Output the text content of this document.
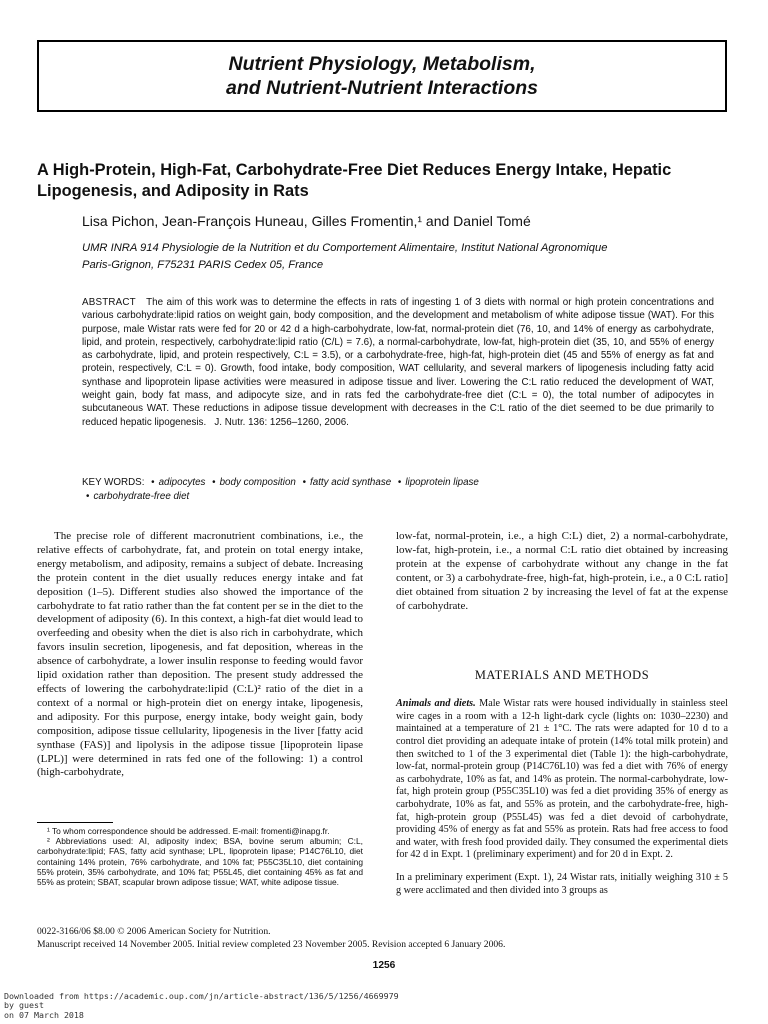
Nutrient Physiology, Metabolism,
and Nutrient-Nutrient Interactions
A High-Protein, High-Fat, Carbohydrate-Free Diet Reduces Energy Intake, Hepatic Lipogenesis, and Adiposity in Rats
Lisa Pichon, Jean-François Huneau, Gilles Fromentin,¹ and Daniel Tomé
UMR INRA 914 Physiologie de la Nutrition et du Comportement Alimentaire, Institut National Agronomique
Paris-Grignon, F75231 PARIS Cedex 05, France
ABSTRACT The aim of this work was to determine the effects in rats of ingesting 1 of 3 diets with normal or high protein concentrations and various carbohydrate:lipid ratios on weight gain, body composition, and the development and metabolism of white adipose tissue (WAT). For this purpose, male Wistar rats were fed for 20 or 42 d a high-carbohydrate, low-fat, normal-protein diet (76, 10, and 14% of energy as carbohydrate, lipid, and protein, respectively, carbohydrate:lipid ratio (C/L) = 7.6), a normal-carbohydrate, low-fat, high-protein diet (35, 10, and 55% of energy as carbohydrate, lipid, and protein respectively, C:L = 3.5), or a carbohydrate-free, high-fat, high-protein diet (45 and 55% of energy as fat and protein, respectively, C:L = 0). Growth, food intake, body composition, WAT cellularity, and several markers of lipogenesis including fatty acid synthase and lipoprotein lipase activities were measured in adipose tissue and liver. Lowering the C:L ratio reduced the development of WAT, weight gain, body fat mass, and adipocyte size, and in rats fed the carbohydrate-free diet (C:L = 0), the total number of adipocytes in subcutaneous WAT. These reductions in adipose tissue development with decreases in the C:L ratio of the diet seemed to be due primarily to reduced hepatic lipogenesis. J. Nutr. 136: 1256–1260, 2006.
KEY WORDS: • adipocytes • body composition • fatty acid synthase • lipoprotein lipase
• carbohydrate-free diet

The precise role of different macronutrient combinations, i.e., the relative effects of carbohydrate, fat, and protein on total energy intake, energy metabolism, and adiposity, remains a subject of debate. Increasing the protein content in the diet usually reduces energy intake and fat deposition (1–5). Different studies also showed the importance of the carbohydrate to fat ratio rather than the fat content per se in the diet to the development of adiposity (6). In this context, a high-fat diet would lead to overfeeding and obesity when the diet is also rich in carbohydrate, which favors insulin secretion, lipogenesis, and fat deposition, whereas in the absence of carbohydrate, a lower insulin response to feeding would favor lipid oxidation rather than deposition. The present study addressed the effects of lowering the carbohydrate:lipid (C:L)² ratio of the diet in a context of a normal or high-protein diet on energy intake, lipogenesis, and adiposity. For this purpose, energy intake, body weight gain, body composition, adipose tissue cellularity, lipogenesis in the liver [fatty acid synthase (FAS)] and lipolysis in the adipose tissue [lipoprotein lipase (LPL)] were determined in rats fed one of the following: 1) a control (high-carbohydrate,

low-fat, normal-protein, i.e., a high C:L) diet, 2) a normal-carbohydrate, low-fat, high-protein, i.e., a normal C:L ratio diet obtained by increasing protein at the expense of carbohydrate without any change in the fat content, or 3) a carbohydrate-free, high-fat, high-protein, i.e., a 0 C:L ratio] diet obtained from situation 2 by increasing the level of fat at the expense of carbohydrate.

¹ To whom correspondence should be addressed. E-mail: fromenti@inapg.fr.

² Abbreviations used: AI, adiposity index; BSA, bovine serum albumin; C:L, carbohydrate:lipid; FAS, fatty acid synthase; LPL, lipoprotein lipase; P14C76L10, diet containing 14% protein, 76% carbohydrate, and 10% fat; P55C35L10, diet containing 55% protein, 35% carbohydrate, and 10% fat; P55L45, diet containing 45% as fat and 55% as protein; SBAT, scapular brown adipose tissue; WAT, white adipose tissue.

MATERIALS AND METHODS

Animals and diets. Male Wistar rats were housed individually in stainless steel wire cages in a room with a 12-h light-dark cycle (lights on: 1030–2230) and maintained at a temperature of 21 ± 1°C. The rats were adapted for 10 d to a control diet providing an adequate intake of protein (14% total milk protein) and then switched to 1 of the 3 experimental diet (Table 1): the high-carbohydrate, low-fat, normal-protein group (P14C76L10) was fed a diet with 76% of energy as carbohydrate, 10% as fat, and 14% as protein. The normal-carbohydrate, low-fat, high protein group (P55C35L10) was fed a diet providing 35% of energy as carbohydrate, 10% as fat, and 55% as protein, and the carbohydrate-free, high-fat, high-protein group (P55L45) was fed a diet devoid of carbohydrate, providing 45% of energy as fat and 55% as protein. Rats had free access to food and water, with fresh food provided daily. They consumed the experimental diets for 42 d in Expt. 1 (preliminary experiment) and for 20 d in Expt. 2.

In a preliminary experiment (Expt. 1), 24 Wistar rats, initially weighing 310 ± 5 g were acclimated and then divided into 3 groups as

0022-3166/06 $8.00 © 2006 American Society for Nutrition.
Manuscript received 14 November 2005. Initial review completed 23 November 2005. Revision accepted 6 January 2006.
1256
Downloaded from https://academic.oup.com/jn/article-abstract/136/5/1256/4669979
by guest
on 07 March 2018
